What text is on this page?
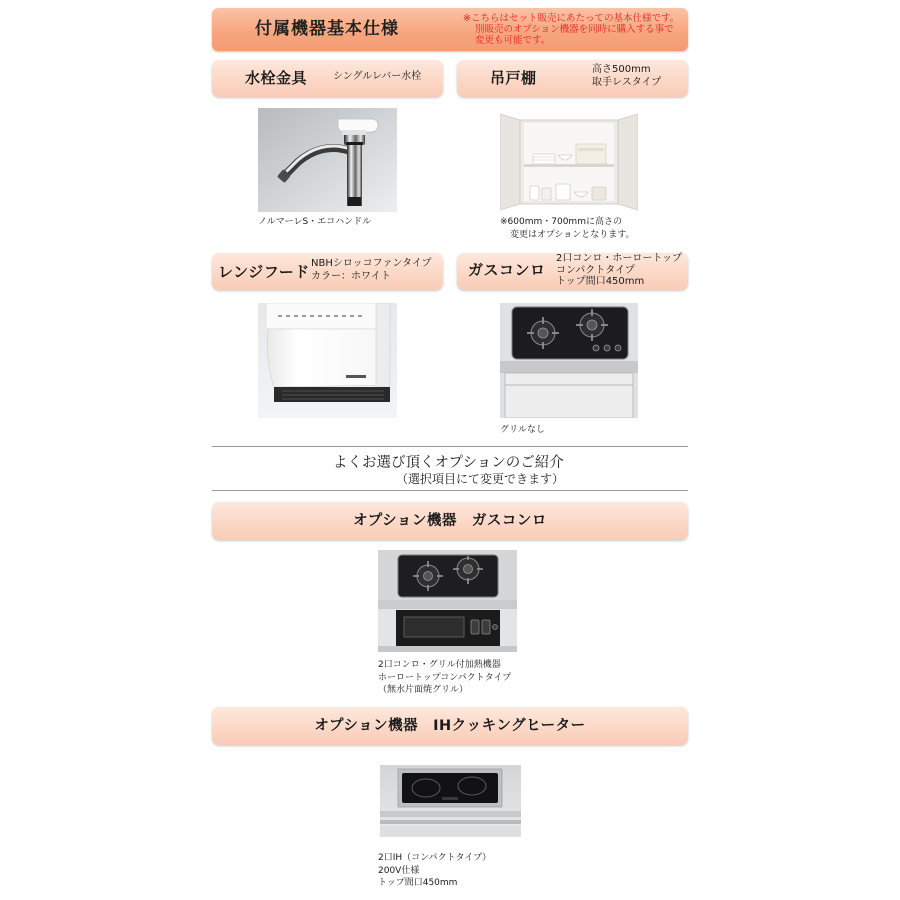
付属機器基本仕様
※こちらはセット販売にあたっての基本仕様です。
別販売のオプション機器を同時に購入する事で
変更も可能です。
水栓金具	シングルレバー水栓	吊戸棚	高さ500mm
取手レスタイプ
ノルマーレS・エコハンドル	※600mm・700mmに高さの
変更はオプションとなります。
レンジフード NBHシロッコファンタイプ
カラー：ホワイト	ガスコンロ
2口コンロ・ホーロートップ
コンパクトタイプ
トップ間口450mm
グリルなし
よくお選び頂くオプションのご紹介
（選択項目にて変更できます）
オプション機器　ガスコンロ
2口コンロ・グリル付加熱機器
ホーロートップコンパクトタイプ
（無水片面焼グリル）
オプション機器　IHクッキングヒーター
2口IH（コンパクトタイプ）
200V仕様
トップ間口450mm
